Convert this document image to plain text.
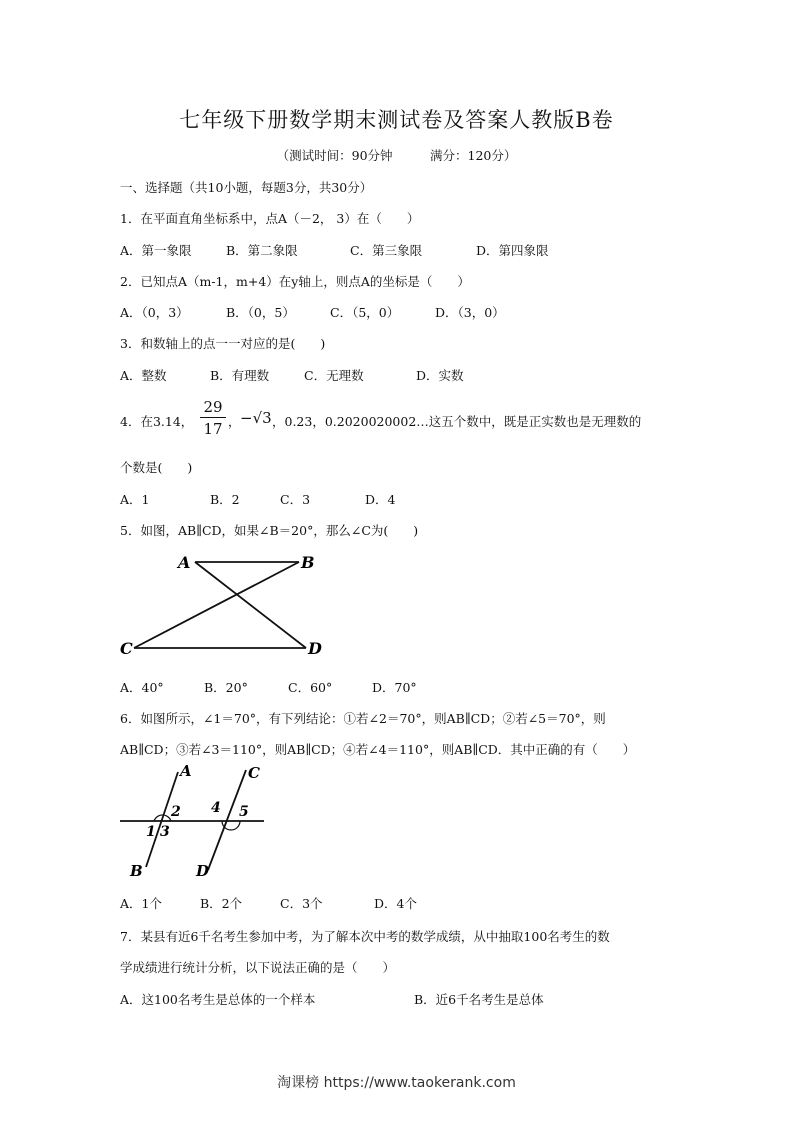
七年级下册数学期末测试卷及答案人教版B卷
（测试时间：90分钟　　　满分：120分）
一、选择题（共10小题，每题3分，共30分）
1．在平面直角坐标系中，点A（－2， 3）在（　　）
A．第一象限	B．第二象限	C．第三象限	D．第四象限
2．已知点A（m-1，m+4）在y轴上，则点A的坐标是（　　）
A．（0，3）	B．（0，5）	C．（5，0）	D．（3，0）
3．和数轴上的点一一对应的是(　　)
A．整数	B．有理数	C．无理数	D．实数
4．在3.14， $\frac{29}{17}$ ， −√3 ，0.23，0.2020020002…这五个数中，既是正实数也是无理数的
个数是(　　)
A．1	B．2	C．3	D．4
5．如图，AB∥CD，如果∠B＝20°，那么∠C为(　　)
A	B
C	D
A．40°	B．20°	C．60°	D．70°
6．如图所示，∠1＝70°，有下列结论：①若∠2＝70°，则AB∥CD；②若∠5＝70°，则
AB∥CD；③若∠3＝110°，则AB∥CD；④若∠4＝110°，则AB∥CD．其中正确的有（　　）
A
B
C
D
1
2
3
4 5
A．1个	B．2个	C．3个	D．4个
7．某县有近6千名考生参加中考，为了解本次中考的数学成绩，从中抽取100名考生的数
学成绩进行统计分析，以下说法正确的是（　　）
A．这100名考生是总体的一个样本	B．近6千名考生是总体
淘课榜 https://www.taokerank.com
